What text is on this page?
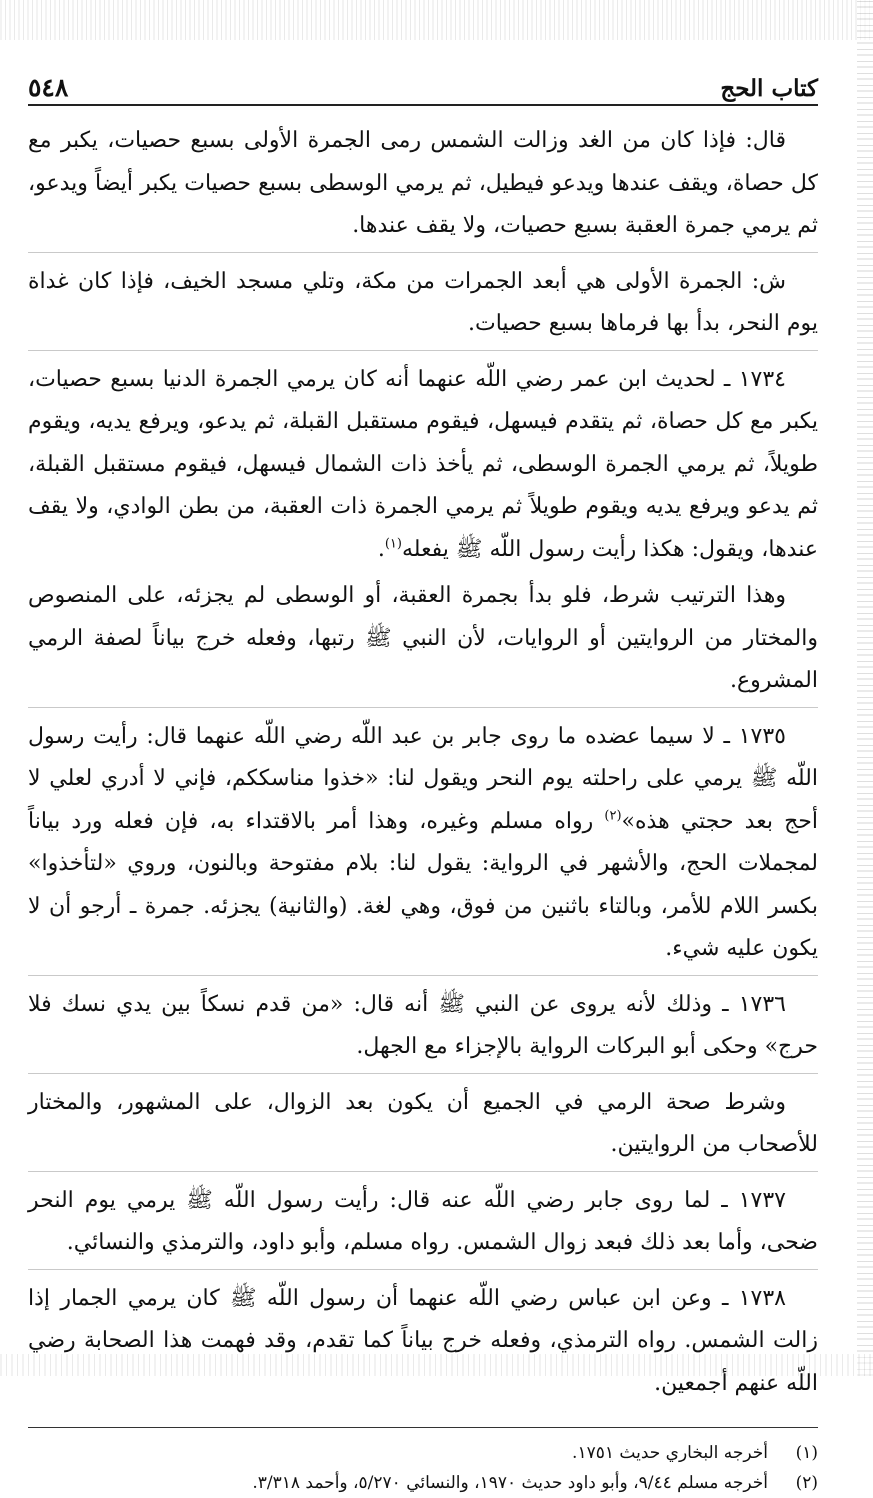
كتاب الحج
٥٤٨

قال: فإذا كان من الغد وزالت الشمس رمى الجمرة الأولى بسبع حصيات، يكبر مع كل حصاة، ويقف عندها ويدعو فيطيل، ثم يرمي الوسطى بسبع حصيات يكبر أيضاً ويدعو، ثم يرمي جمرة العقبة بسبع حصيات، ولا يقف عندها.

ش: الجمرة الأولى هي أبعد الجمرات من مكة، وتلي مسجد الخيف، فإذا كان غداة يوم النحر، بدأ بها فرماها بسبع حصيات.

١٧٣٤ ـ لحديث ابن عمر رضي اللّه عنهما أنه كان يرمي الجمرة الدنيا بسبع حصيات، يكبر مع كل حصاة، ثم يتقدم فيسهل، فيقوم مستقبل القبلة، ثم يدعو، ويرفع يديه، ويقوم طويلاً، ثم يرمي الجمرة الوسطى، ثم يأخذ ذات الشمال فيسهل، فيقوم مستقبل القبلة، ثم يدعو ويرفع يديه ويقوم طويلاً ثم يرمي الجمرة ذات العقبة، من بطن الوادي، ولا يقف عندها، ويقول: هكذا رأيت رسول اللّه ﷺ يفعله$^{(١)}$.

وهذا الترتيب شرط، فلو بدأ بجمرة العقبة، أو الوسطى لم يجزئه، على المنصوص والمختار من الروايتين أو الروايات، لأن النبي ﷺ رتبها، وفعله خرج بياناً لصفة الرمي المشروع.

١٧٣٥ ـ لا سيما عضده ما روى جابر بن عبد اللّه رضي اللّه عنهما قال: رأيت رسول اللّه ﷺ يرمي على راحلته يوم النحر ويقول لنا: «خذوا مناسككم، فإني لا أدري لعلي لا أحج بعد حجتي هذه»$^{(٢)}$ رواه مسلم وغيره، وهذا أمر بالاقتداء به، فإن فعله ورد بياناً لمجملات الحج، والأشهر في الرواية: يقول لنا: بلام مفتوحة وبالنون، وروي «لتأخذوا» بكسر اللام للأمر، وبالتاء باثنين من فوق، وهي لغة. (والثانية) يجزئه. جمرة ـ أرجو أن لا يكون عليه شيء.

١٧٣٦ ـ وذلك لأنه يروى عن النبي ﷺ أنه قال: «من قدم نسكاً بين يدي نسك فلا حرج» وحكى أبو البركات الرواية بالإجزاء مع الجهل.

وشرط صحة الرمي في الجميع أن يكون بعد الزوال، على المشهور، والمختار للأصحاب من الروايتين.

١٧٣٧ ـ لما روى جابر رضي اللّه عنه قال: رأيت رسول اللّه ﷺ يرمي يوم النحر ضحى، وأما بعد ذلك فبعد زوال الشمس. رواه مسلم، وأبو داود، والترمذي والنسائي.

١٧٣٨ ـ وعن ابن عباس رضي اللّه عنهما أن رسول اللّه ﷺ كان يرمي الجمار إذا زالت الشمس. رواه الترمذي، وفعله خرج بياناً كما تقدم، وقد فهمت هذا الصحابة رضي اللّه عنهم أجمعين.

(١)
أخرجه البخاري حديث ١٧٥١.

(٢)
أخرجه مسلم ٩/٤٤، وأبو داود حديث ١٩٧٠، والنسائي ٥/٢٧٠، وأحمد ٣/٣١٨.
